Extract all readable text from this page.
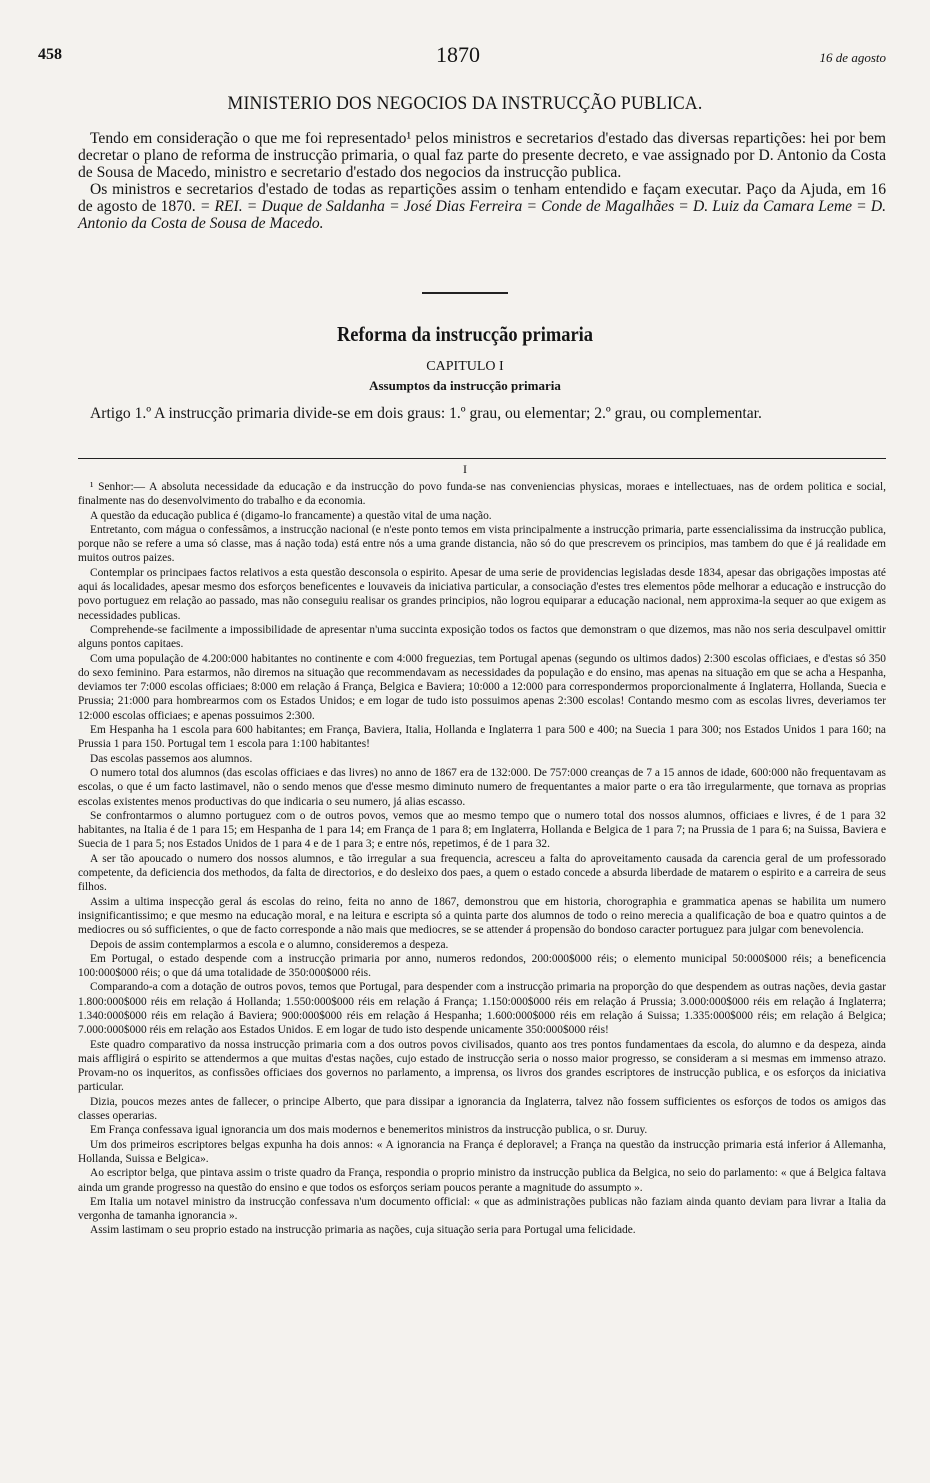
458	1870	16 de agosto
MINISTERIO DOS NEGOCIOS DA INSTRUCÇÃO PUBLICA.

Tendo em consideração o que me foi representado¹ pelos ministros e secretarios d'estado das diversas repartições: hei por bem decretar o plano de reforma de instrucção primaria, o qual faz parte do presente decreto, e vae assignado por D. Antonio da Costa de Sousa de Macedo, ministro e secretario d'estado dos negocios da instrucção publica.

Os ministros e secretarios d'estado de todas as repartições assim o tenham entendido e façam executar. Paço da Ajuda, em 16 de agosto de 1870. = REI. = Duque de Saldanha = José Dias Ferreira = Conde de Magalhães = D. Luiz da Camara Leme = D. Antonio da Costa de Sousa de Macedo.

Reforma da instrucção primaria
CAPITULO I
Assumptos da instrucção primaria

Artigo 1.º A instrucção primaria divide-se em dois graus: 1.º grau, ou elementar; 2.º grau, ou complementar.

I

¹ Senhor:— A absoluta necessidade da educação e da instrucção do povo funda-se nas conveniencias physicas, moraes e intellectuaes, nas de ordem politica e social, finalmente nas do desenvolvimento do trabalho e da economia.

A questão da educação publica é (digamo-lo francamente) a questão vital de uma nação.

Entretanto, com mágua o confessâmos, a instrucção nacional (e n'este ponto temos em vista principalmente a instrucção primaria, parte essencialissima da instrucção publica, porque não se refere a uma só classe, mas á nação toda) está entre nós a uma grande distancia, não só do que prescrevem os principios, mas tambem do que é já realidade em muitos outros paizes.

Contemplar os principaes factos relativos a esta questão desconsola o espirito. Apesar de uma serie de providencias legisladas desde 1834, apesar das obrigações impostas até aqui ás localidades, apesar mesmo dos esforços beneficentes e louvaveis da iniciativa particular, a consociação d'estes tres elementos pôde melhorar a educação e instrucção do povo portuguez em relação ao passado, mas não conseguiu realisar os grandes principios, não logrou equiparar a educação nacional, nem approxima-la sequer ao que exigem as necessidades publicas.

Comprehende-se facilmente a impossibilidade de apresentar n'uma succinta exposição todos os factos que demonstram o que dizemos, mas não nos seria desculpavel omittir alguns pontos capitaes.

Com uma população de 4.200:000 habitantes no continente e com 4:000 freguezias, tem Portugal apenas (segundo os ultimos dados) 2:300 escolas officiaes, e d'estas só 350 do sexo feminino. Para estarmos, não diremos na situação que recommendavam as necessidades da população e do ensino, mas apenas na situação em que se acha a Hespanha, deviamos ter 7:000 escolas officiaes; 8:000 em relação á França, Belgica e Baviera; 10:000 a 12:000 para correspondermos proporcionalmente á Inglaterra, Hollanda, Suecia e Prussia; 21:000 para hombrearmos com os Estados Unidos; e em logar de tudo isto possuimos apenas 2:300 escolas! Contando mesmo com as escolas livres, deveriamos ter 12:000 escolas officiaes; e apenas possuimos 2:300.

Em Hespanha ha 1 escola para 600 habitantes; em França, Baviera, Italia, Hollanda e Inglaterra 1 para 500 e 400; na Suecia 1 para 300; nos Estados Unidos 1 para 160; na Prussia 1 para 150. Portugal tem 1 escola para 1:100 habitantes!

Das escolas passemos aos alumnos.

O numero total dos alumnos (das escolas officiaes e das livres) no anno de 1867 era de 132:000. De 757:000 creanças de 7 a 15 annos de idade, 600:000 não frequentavam as escolas, o que é um facto lastimavel, não o sendo menos que d'esse mesmo diminuto numero de frequentantes a maior parte o era tão irregularmente, que tornava as proprias escolas existentes menos productivas do que indicaria o seu numero, já alias escasso.

Se confrontarmos o alumno portuguez com o de outros povos, vemos que ao mesmo tempo que o numero total dos nossos alumnos, officiaes e livres, é de 1 para 32 habitantes, na Italia é de 1 para 15; em Hespanha de 1 para 14; em França de 1 para 8; em Inglaterra, Hollanda e Belgica de 1 para 7; na Prussia de 1 para 6; na Suissa, Baviera e Suecia de 1 para 5; nos Estados Unidos de 1 para 4 e de 1 para 3; e entre nós, repetimos, é de 1 para 32.

A ser tão apoucado o numero dos nossos alumnos, e tão irregular a sua frequencia, acresceu a falta do aproveitamento causada da carencia geral de um professorado competente, da deficiencia dos methodos, da falta de directorios, e do desleixo dos paes, a quem o estado concede a absurda liberdade de matarem o espirito e a carreira de seus filhos.

Assim a ultima inspecção geral ás escolas do reino, feita no anno de 1867, demonstrou que em historia, chorographia e grammatica apenas se habilita um numero insignificantissimo; e que mesmo na educação moral, e na leitura e escripta só a quinta parte dos alumnos de todo o reino merecia a qualificação de boa e quatro quintos a de mediocres ou só sufficientes, o que de facto corresponde a não mais que mediocres, se se attender á propensão do bondoso caracter portuguez para julgar com benevolencia.

Depois de assim contemplarmos a escola e o alumno, consideremos a despeza.

Em Portugal, o estado despende com a instrucção primaria por anno, numeros redondos, 200:000$000 réis; o elemento municipal 50:000$000 réis; a beneficencia 100:000$000 réis; o que dá uma totalidade de 350:000$000 réis.

Comparando-a com a dotação de outros povos, temos que Portugal, para despender com a instrucção primaria na proporção do que despendem as outras nações, devia gastar 1.800:000$000 réis em relação á Hollanda; 1.550:000$000 réis em relação á França; 1.150:000$000 réis em relação á Prussia; 3.000:000$000 réis em relação á Inglaterra; 1.340:000$000 réis em relação á Baviera; 900:000$000 réis em relação á Hespanha; 1.600:000$000 réis em relação á Suissa; 1.335:000$000 réis; em relação á Belgica; 7.000:000$000 réis em relação aos Estados Unidos. E em logar de tudo isto despende unicamente 350:000$000 réis!

Este quadro comparativo da nossa instrucção primaria com a dos outros povos civilisados, quanto aos tres pontos fundamentaes da escola, do alumno e da despeza, ainda mais affligirá o espirito se attendermos a que muitas d'estas nações, cujo estado de instrucção seria o nosso maior progresso, se consideram a si mesmas em immenso atrazo. Provam-no os inqueritos, as confissões officiaes dos governos no parlamento, a imprensa, os livros dos grandes escriptores de instrucção publica, e os esforços da iniciativa particular.

Dizia, poucos mezes antes de fallecer, o principe Alberto, que para dissipar a ignorancia da Inglaterra, talvez não fossem sufficientes os esforços de todos os amigos das classes operarias.

Em França confessava igual ignorancia um dos mais modernos e benemeritos ministros da instrucção publica, o sr. Duruy.

Um dos primeiros escriptores belgas expunha ha dois annos: « A ignorancia na França é deploravel; a França na questão da instrucção primaria está inferior á Allemanha, Hollanda, Suissa e Belgica».

Ao escriptor belga, que pintava assim o triste quadro da França, respondia o proprio ministro da instrucção publica da Belgica, no seio do parlamento: « que á Belgica faltava ainda um grande progresso na questão do ensino e que todos os esforços seriam poucos perante a magnitude do assumpto ».

Em Italia um notavel ministro da instrucção confessava n'um documento official: « que as administrações publicas não faziam ainda quanto deviam para livrar a Italia da vergonha de tamanha ignorancia ».

Assim lastimam o seu proprio estado na instrucção primaria as nações, cuja situação seria para Portugal uma felicidade.
